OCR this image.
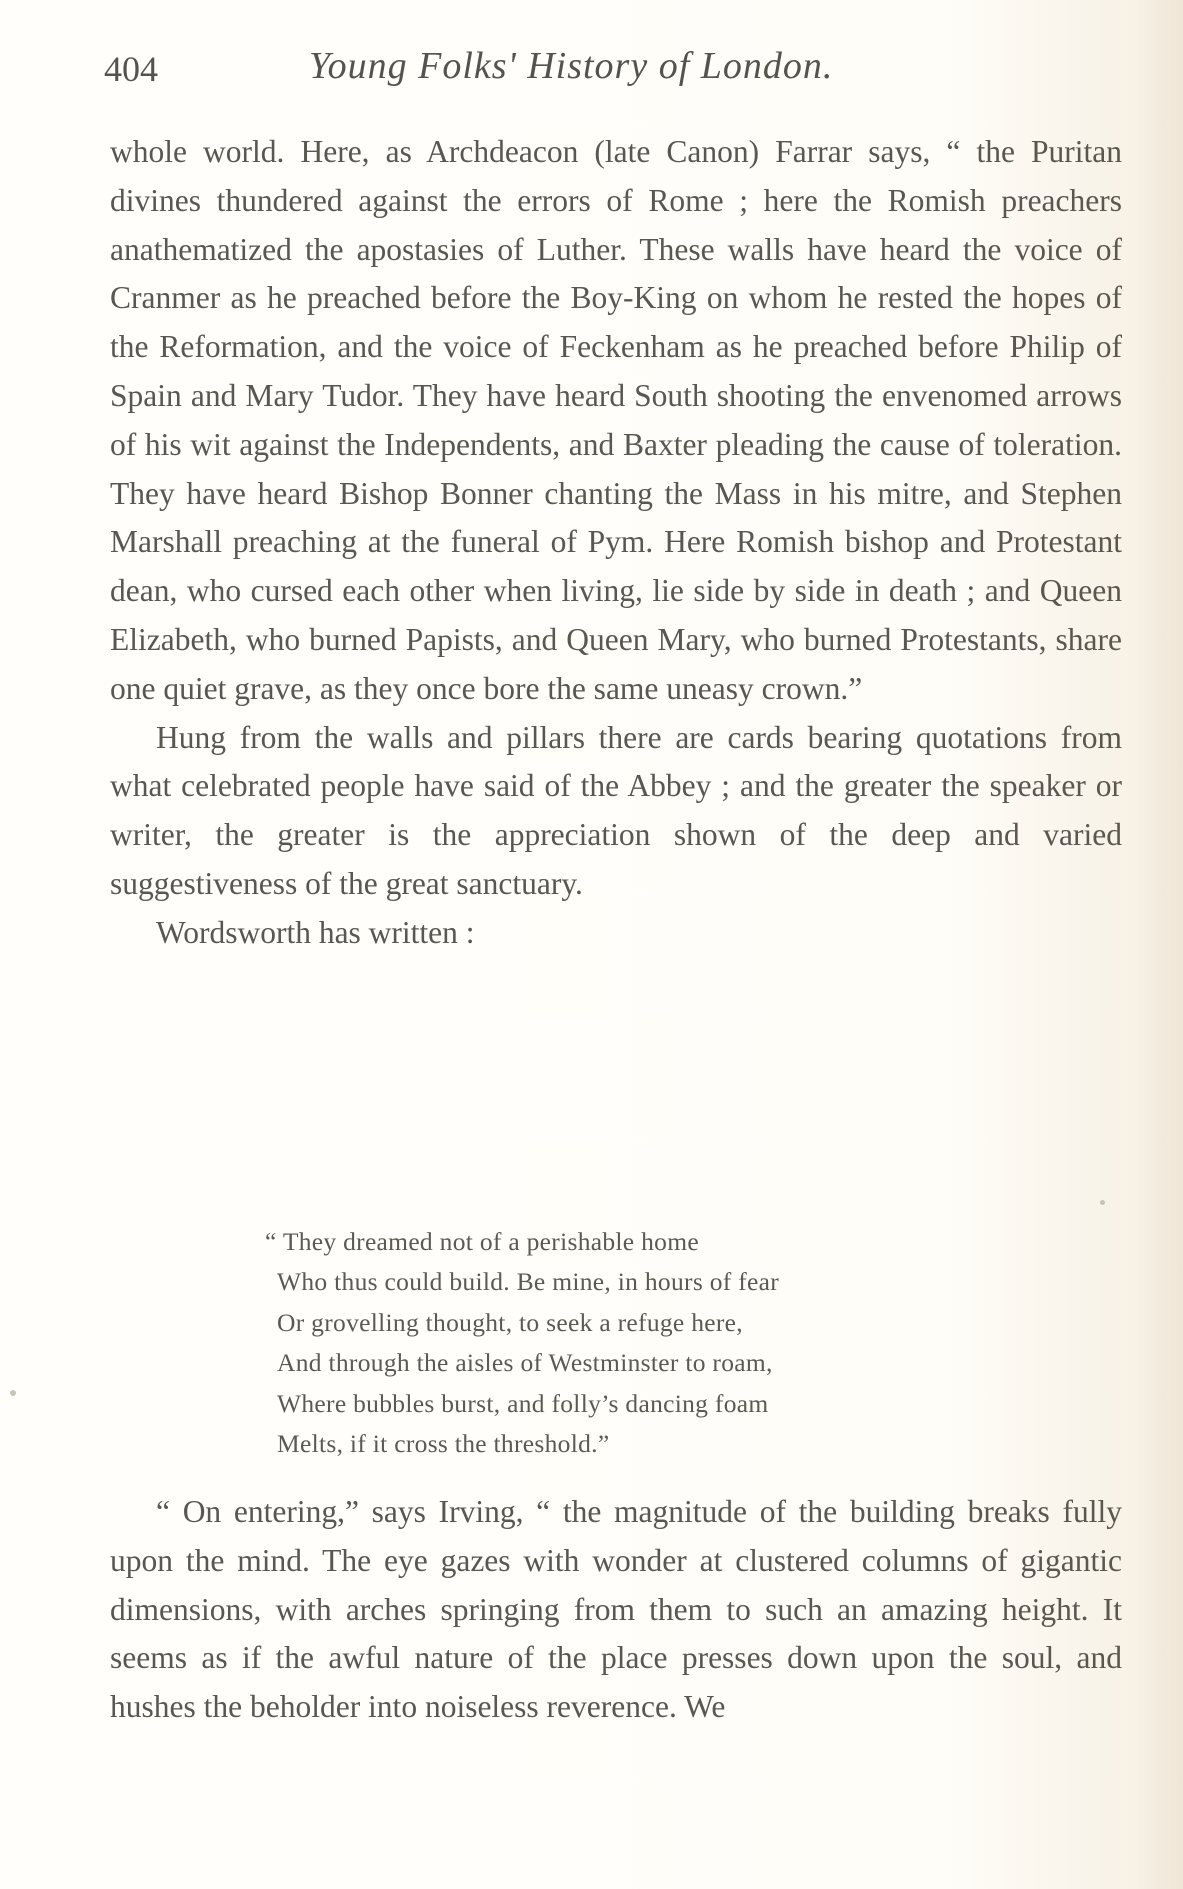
404	Young Folks' History of London.

whole world. Here, as Archdeacon (late Canon) Farrar says, “ the Puritan divines thundered against the errors of Rome ; here the Romish preachers anathematized the apostasies of Luther. These walls have heard the voice of Cranmer as he preached before the Boy-King on whom he rested the hopes of the Reformation, and the voice of Feckenham as he preached before Philip of Spain and Mary Tudor. They have heard South shooting the envenomed arrows of his wit against the Independents, and Baxter pleading the cause of toleration. They have heard Bishop Bonner chanting the Mass in his mitre, and Stephen Marshall preaching at the funeral of Pym. Here Romish bishop and Protestant dean, who cursed each other when living, lie side by side in death ; and Queen Elizabeth, who burned Papists, and Queen Mary, who burned Protestants, share one quiet grave, as they once bore the same uneasy crown.”

Hung from the walls and pillars there are cards bearing quotations from what celebrated people have said of the Abbey ; and the greater the speaker or writer, the greater is the appreciation shown of the deep and varied suggestiveness of the great sanctuary.

Wordsworth has written :

“ They dreamed not of a perishable home
Who thus could build. Be mine, in hours of fear
Or grovelling thought, to seek a refuge here,
And through the aisles of Westminster to roam,
Where bubbles burst, and folly’s dancing foam
Melts, if it cross the threshold.”

“ On entering,” says Irving, “ the magnitude of the building breaks fully upon the mind. The eye gazes with wonder at clustered columns of gigantic dimensions, with arches springing from them to such an amazing height. It seems as if the awful nature of the place presses down upon the soul, and hushes the beholder into noiseless reverence. We
